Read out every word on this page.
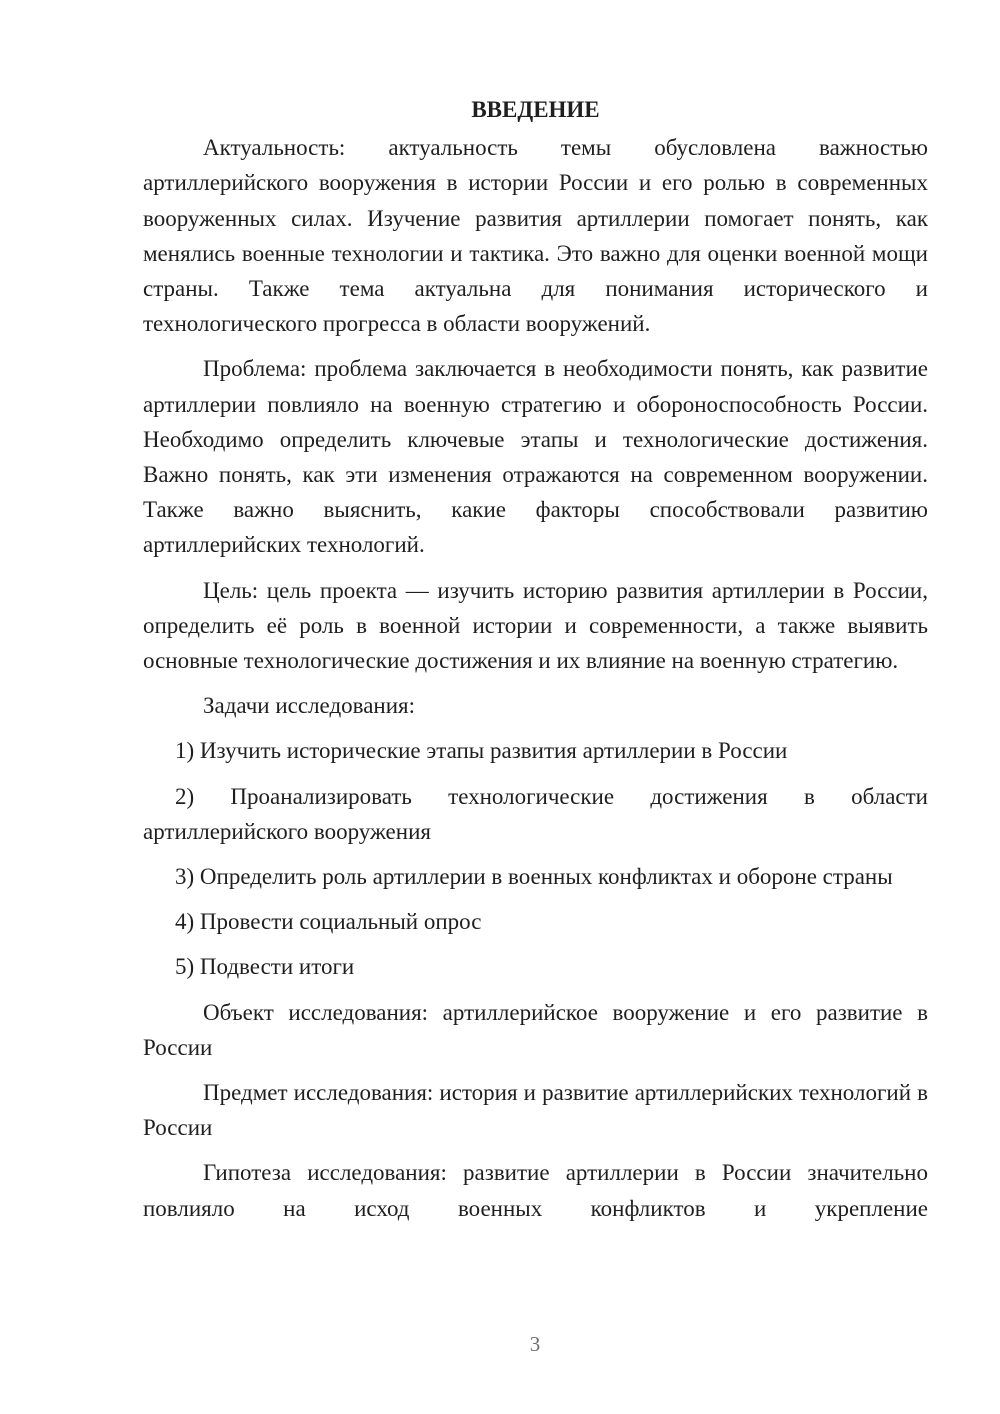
ВВЕДЕНИЕ

Актуальность: актуальность темы обусловлена важностью артиллерийского вооружения в истории России и его ролью в современных вооруженных силах. Изучение развития артиллерии помогает понять, как менялись военные технологии и тактика. Это важно для оценки военной мощи страны. Также тема актуальна для понимания исторического и технологического прогресса в области вооружений.

Проблема: проблема заключается в необходимости понять, как развитие артиллерии повлияло на военную стратегию и обороноспособность России. Необходимо определить ключевые этапы и технологические достижения. Важно понять, как эти изменения отражаются на современном вооружении. Также важно выяснить, какие факторы способствовали развитию артиллерийских технологий.

Цель: цель проекта — изучить историю развития артиллерии в России, определить её роль в военной истории и современности, а также выявить основные технологические достижения и их влияние на военную стратегию.

Задачи исследования:

1) Изучить исторические этапы развития артиллерии в России

2) Проанализировать технологические достижения в области артиллерийского вооружения

3) Определить роль артиллерии в военных конфликтах и обороне страны

4) Провести социальный опрос

5) Подвести итоги

Объект исследования: артиллерийское вооружение и его развитие в России

Предмет исследования: история и развитие артиллерийских технологий в России

Гипотеза исследования: развитие артиллерии в России значительно повлияло на исход военных конфликтов и укрепление

3
